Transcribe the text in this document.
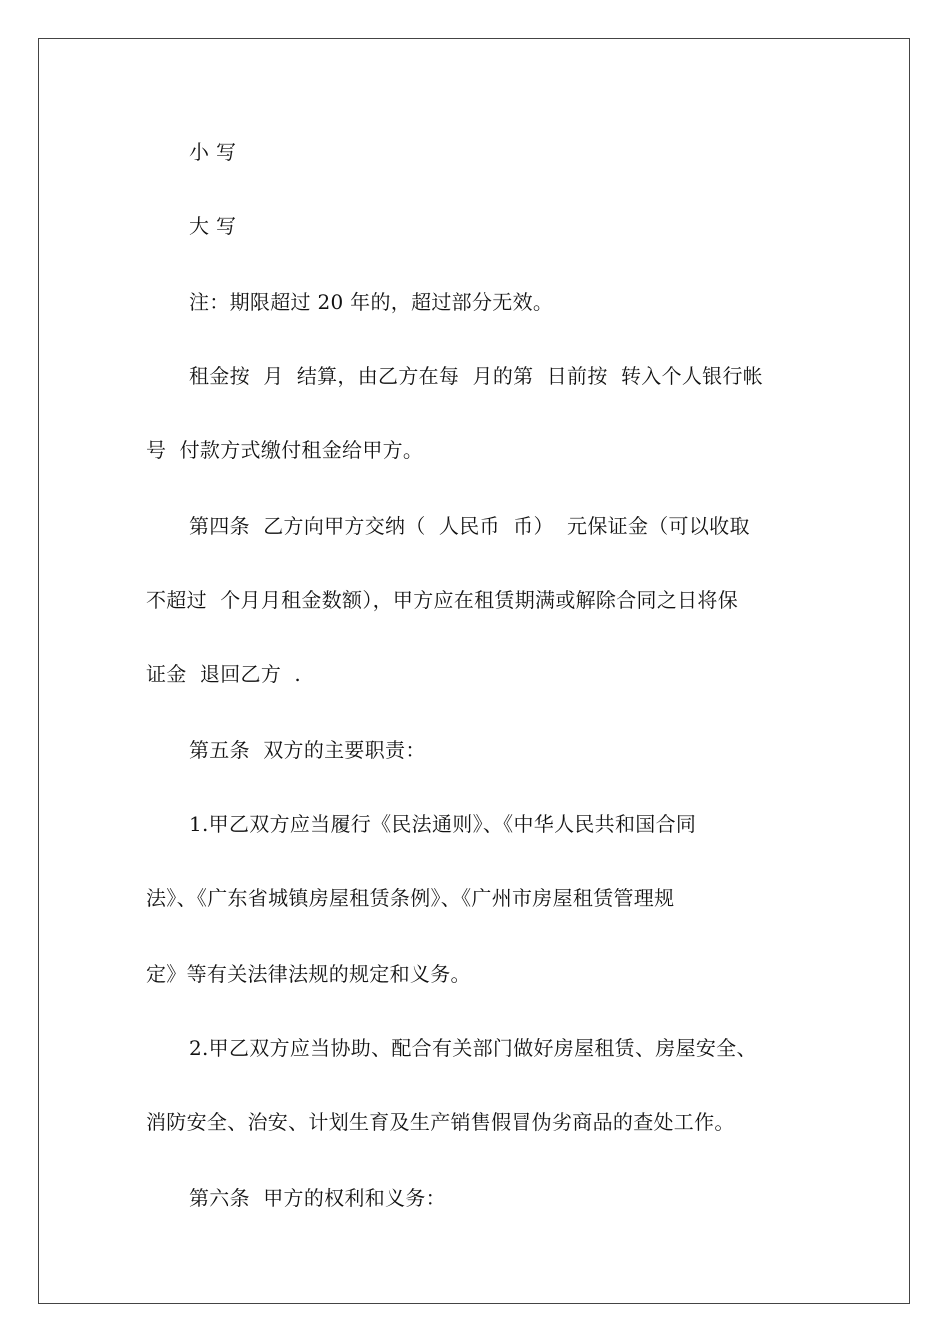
小 写
大 写
注：期限超过 20 年的，超过部分无效。
租金按  月  结算，由乙方在每  月的第  日前按  转入个人银行帐
号  付款方式缴付租金给甲方。
第四条  乙方向甲方交纳（  人民币  币）  元保证金（可以收取
不超过  个月月租金数额），甲方应在租赁期满或解除合同之日将保
证金  退回乙方  .
第五条  双方的主要职责：
1.甲乙双方应当履行《民法通则》、《中华人民共和国合同
法》、《广东省城镇房屋租赁条例》、《广州市房屋租赁管理规
定》等有关法律法规的规定和义务。
2.甲乙双方应当协助、配合有关部门做好房屋租赁、房屋安全、
消防安全、治安、计划生育及生产销售假冒伪劣商品的查处工作。
第六条  甲方的权利和义务：
